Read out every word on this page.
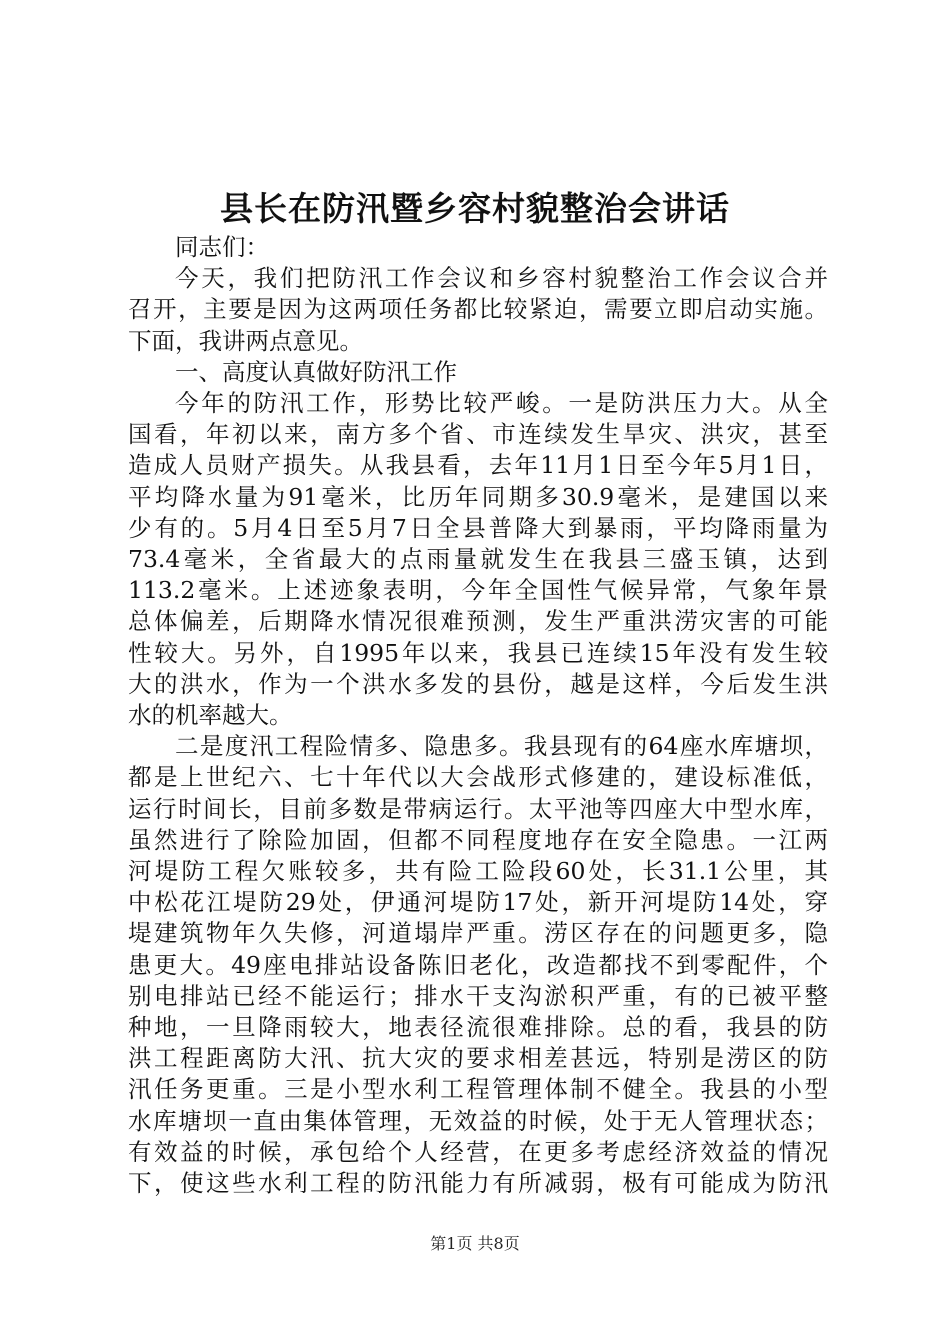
县长在防汛暨乡容村貌整治会讲话
同志们：
今天，我们把防汛工作会议和乡容村貌整治工作会议合并
召开，主要是因为这两项任务都比较紧迫，需要立即启动实施。
下面，我讲两点意见。
一、高度认真做好防汛工作
今年的防汛工作，形势比较严峻。一是防洪压力大。从全
国看，年初以来，南方多个省、市连续发生旱灾、洪灾，甚至
造成人员财产损失。从我县看，去年11月1日至今年5月1日，
平均降水量为91毫米，比历年同期多30.9毫米，是建国以来
少有的。5月4日至5月7日全县普降大到暴雨，平均降雨量为
73.4毫米，全省最大的点雨量就发生在我县三盛玉镇，达到
113.2毫米。上述迹象表明，今年全国性气候异常，气象年景
总体偏差，后期降水情况很难预测，发生严重洪涝灾害的可能
性较大。另外，自1995年以来，我县已连续15年没有发生较
大的洪水，作为一个洪水多发的县份，越是这样，今后发生洪
水的机率越大。
二是度汛工程险情多、隐患多。我县现有的64座水库塘坝，
都是上世纪六、七十年代以大会战形式修建的，建设标准低，
运行时间长，目前多数是带病运行。太平池等四座大中型水库，
虽然进行了除险加固，但都不同程度地存在安全隐患。一江两
河堤防工程欠账较多，共有险工险段60处，长31.1公里，其
中松花江堤防29处，伊通河堤防17处，新开河堤防14处，穿
堤建筑物年久失修，河道塌岸严重。涝区存在的问题更多，隐
患更大。49座电排站设备陈旧老化，改造都找不到零配件，个
别电排站已经不能运行；排水干支沟淤积严重，有的已被平整
种地，一旦降雨较大，地表径流很难排除。总的看，我县的防
洪工程距离防大汛、抗大灾的要求相差甚远，特别是涝区的防
汛任务更重。三是小型水利工程管理体制不健全。我县的小型
水库塘坝一直由集体管理，无效益的时候，处于无人管理状态；
有效益的时候，承包给个人经营，在更多考虑经济效益的情况
下，使这些水利工程的防汛能力有所减弱，极有可能成为防汛
第1页 共8页
